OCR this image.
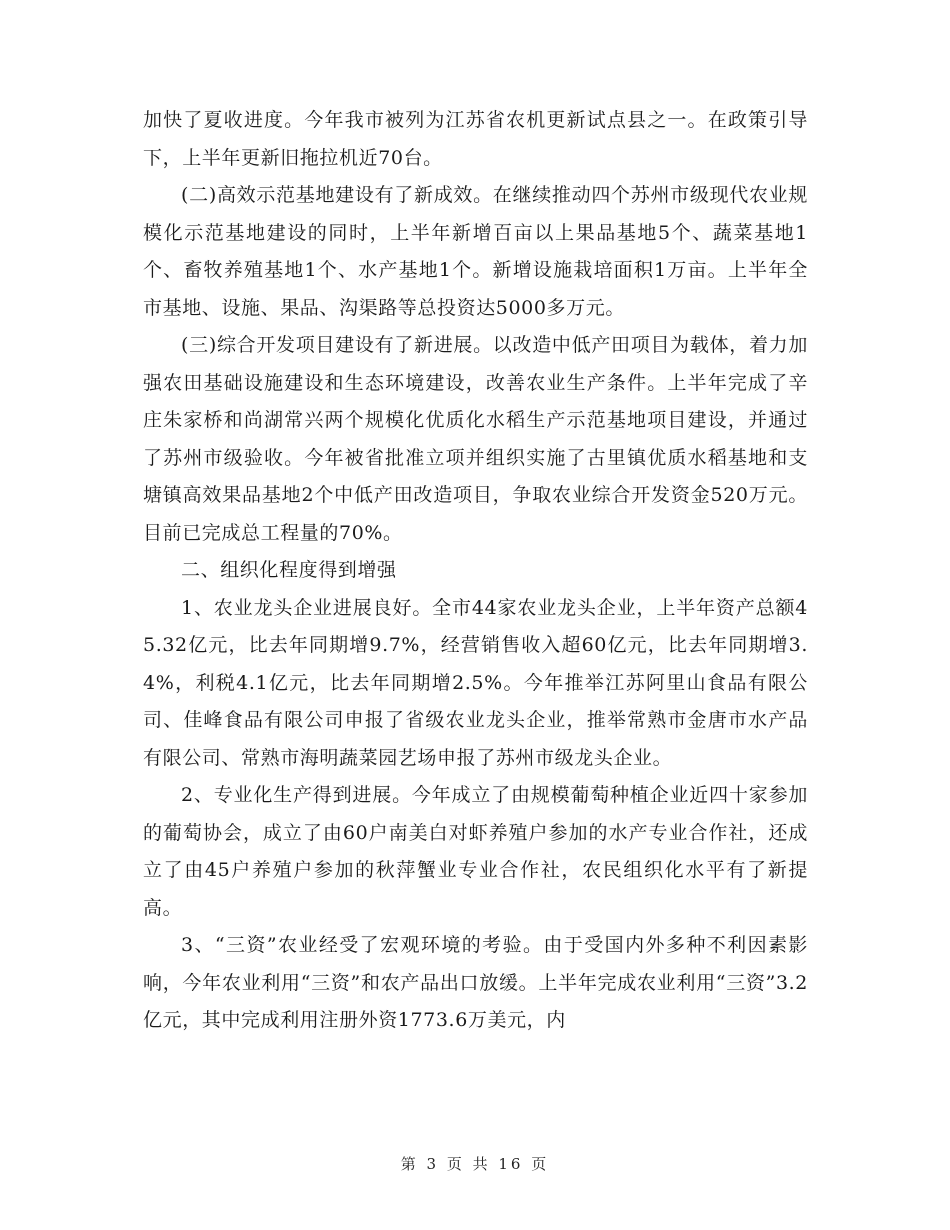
加快了夏收进度。今年我市被列为江苏省农机更新试点县之一。在政策引导下，上半年更新旧拖拉机近70台。

(二)高效示范基地建设有了新成效。在继续推动四个苏州市级现代农业规模化示范基地建设的同时，上半年新增百亩以上果品基地5个、蔬菜基地1个、畜牧养殖基地1个、水产基地1个。新增设施栽培面积1万亩。上半年全市基地、设施、果品、沟渠路等总投资达5000多万元。

(三)综合开发项目建设有了新进展。以改造中低产田项目为载体，着力加强农田基础设施建设和生态环境建设，改善农业生产条件。上半年完成了辛庄朱家桥和尚湖常兴两个规模化优质化水稻生产示范基地项目建设，并通过了苏州市级验收。今年被省批准立项并组织实施了古里镇优质水稻基地和支塘镇高效果品基地2个中低产田改造项目，争取农业综合开发资金520万元。目前已完成总工程量的70%。

二、组织化程度得到增强

1、农业龙头企业进展良好。全市44家农业龙头企业，上半年资产总额45.32亿元，比去年同期增9.7%，经营销售收入超60亿元，比去年同期增3.4%，利税4.1亿元，比去年同期增2.5%。今年推举江苏阿里山食品有限公司、佳峰食品有限公司申报了省级农业龙头企业，推举常熟市金唐市水产品有限公司、常熟市海明蔬菜园艺场申报了苏州市级龙头企业。

2、专业化生产得到进展。今年成立了由规模葡萄种植企业近四十家参加的葡萄协会，成立了由60户南美白对虾养殖户参加的水产专业合作社，还成立了由45户养殖户参加的秋萍蟹业专业合作社，农民组织化水平有了新提高。

3、“三资”农业经受了宏观环境的考验。由于受国内外多种不利因素影响，今年农业利用“三资”和农产品出口放缓。上半年完成农业利用“三资”3.2亿元，其中完成利用注册外资1773.6万美元，内

第 3 页 共 16 页
